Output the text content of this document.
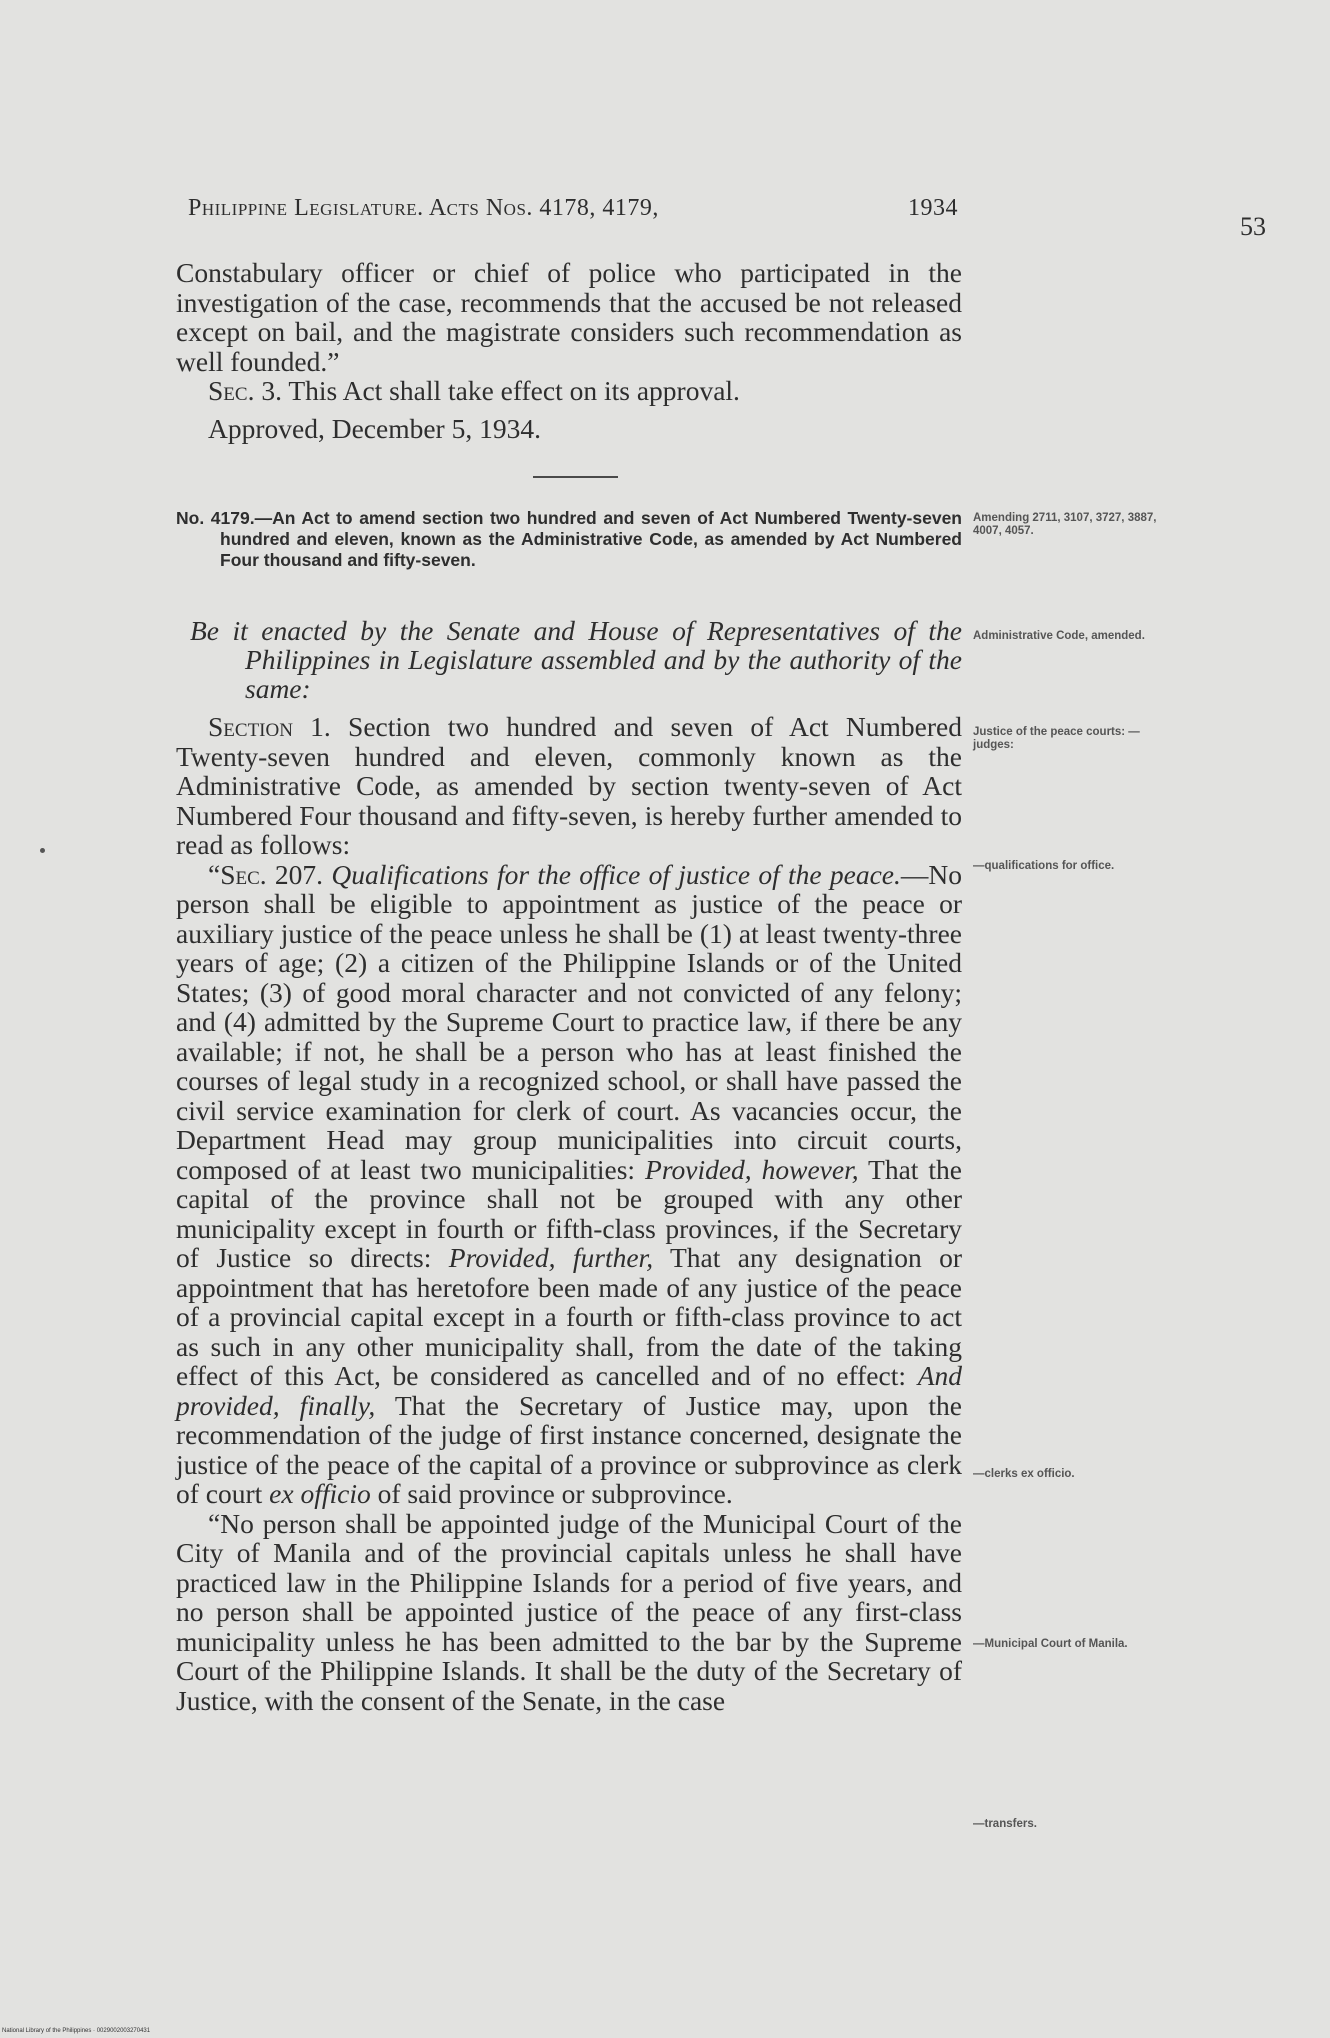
Philippine Legislature. Acts Nos. 4178, 4179,	1934
53

Constabulary officer or chief of police who participated in the investigation of the case, recommends that the accused be not released except on bail, and the magistrate considers such recommendation as well founded.”

Sec. 3. This Act shall take effect on its approval.

Approved, December 5, 1934.

No. 4179.—An Act to amend section two hundred and seven of Act Numbered Twenty-seven hundred and eleven, known as the Administrative Code, as amended by Act Numbered Four thousand and fifty-seven.
Be it enacted by the Senate and House of Representatives of the Philippines in Legislature assembled and by the authority of the same:

Section 1. Section two hundred and seven of Act Numbered Twenty-seven hundred and eleven, commonly known as the Administrative Code, as amended by section twenty-seven of Act Numbered Four thousand and fifty-seven, is hereby further amended to read as follows:

“Sec. 207. Qualifications for the office of justice of the peace.—No person shall be eligible to appointment as justice of the peace or auxiliary justice of the peace unless he shall be (1) at least twenty-three years of age; (2) a citizen of the Philippine Islands or of the United States; (3) of good moral character and not convicted of any felony; and (4) admitted by the Supreme Court to practice law, if there be any available; if not, he shall be a person who has at least finished the courses of legal study in a recognized school, or shall have passed the civil service examination for clerk of court. As vacancies occur, the Department Head may group municipalities into circuit courts, composed of at least two municipalities: Provided, however, That the capital of the province shall not be grouped with any other municipality except in fourth or fifth-class provinces, if the Secretary of Justice so directs: Provided, further, That any designation or appointment that has heretofore been made of any justice of the peace of a provincial capital except in a fourth or fifth-class province to act as such in any other municipality shall, from the date of the taking effect of this Act, be considered as cancelled and of no effect: And provided, finally, That the Secretary of Justice may, upon the recommendation of the judge of first instance concerned, designate the justice of the peace of the capital of a province or subprovince as clerk of court ex officio of said province or subprovince.

“No person shall be appointed judge of the Municipal Court of the City of Manila and of the provincial capitals unless he shall have practiced law in the Philippine Islands for a period of five years, and no person shall be appointed justice of the peace of any first-class municipality unless he has been admitted to the bar by the Supreme Court of the Philippine Islands. It shall be the duty of the Secretary of Justice, with the consent of the Senate, in the case

Amending 2711, 3107, 3727, 3887, 4007, 4057.
Administrative Code, amended.
Justice of the peace courts: —judges:
—qualifications for office.
—clerks ex officio.
—Municipal Court of Manila.
—transfers.
National Library of the Philippines · 0029002003270431
